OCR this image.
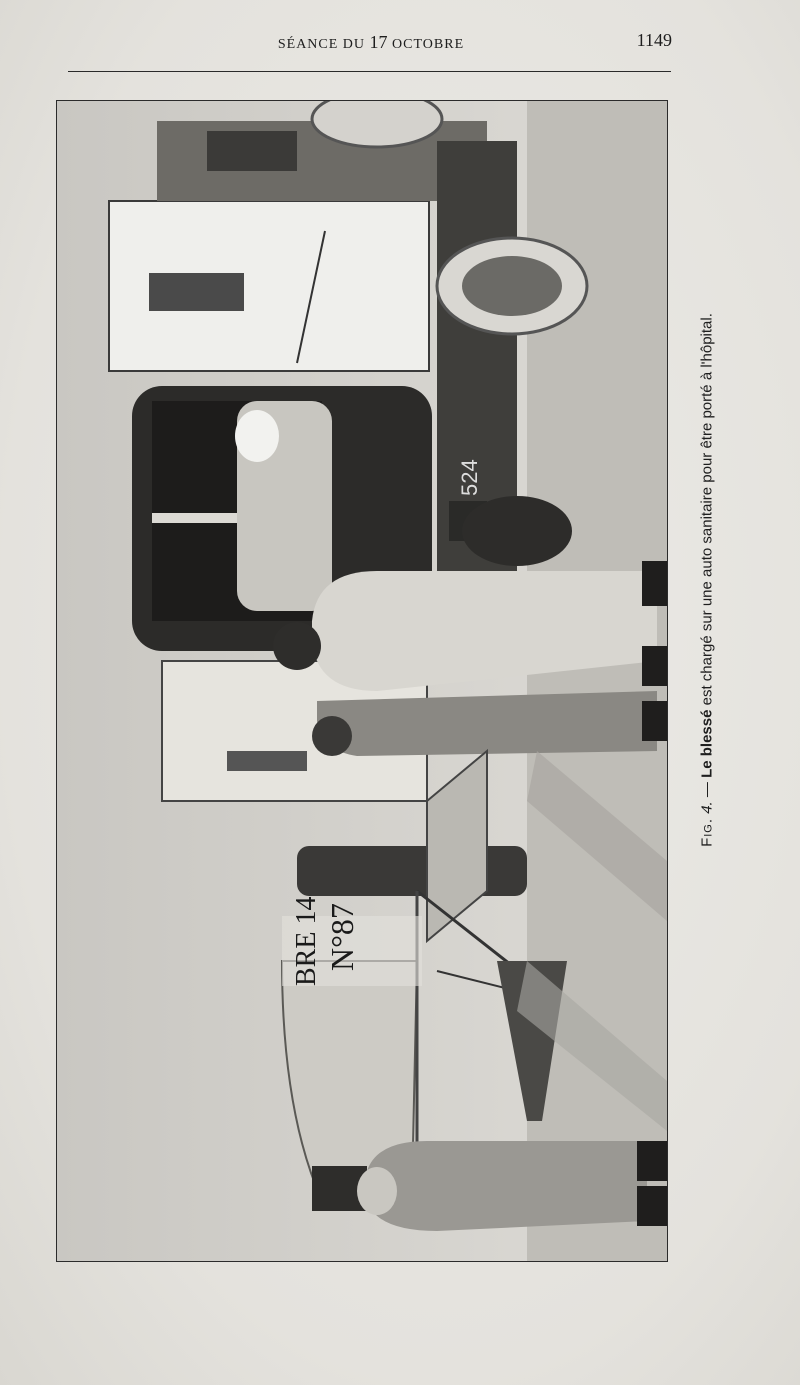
SÉANCE DU 17 OCTOBRE	1149
524
BRE 14 N°87
Fig. 4. — Le blessé est chargé sur une auto sanitaire pour être porté à l'hôpital.
